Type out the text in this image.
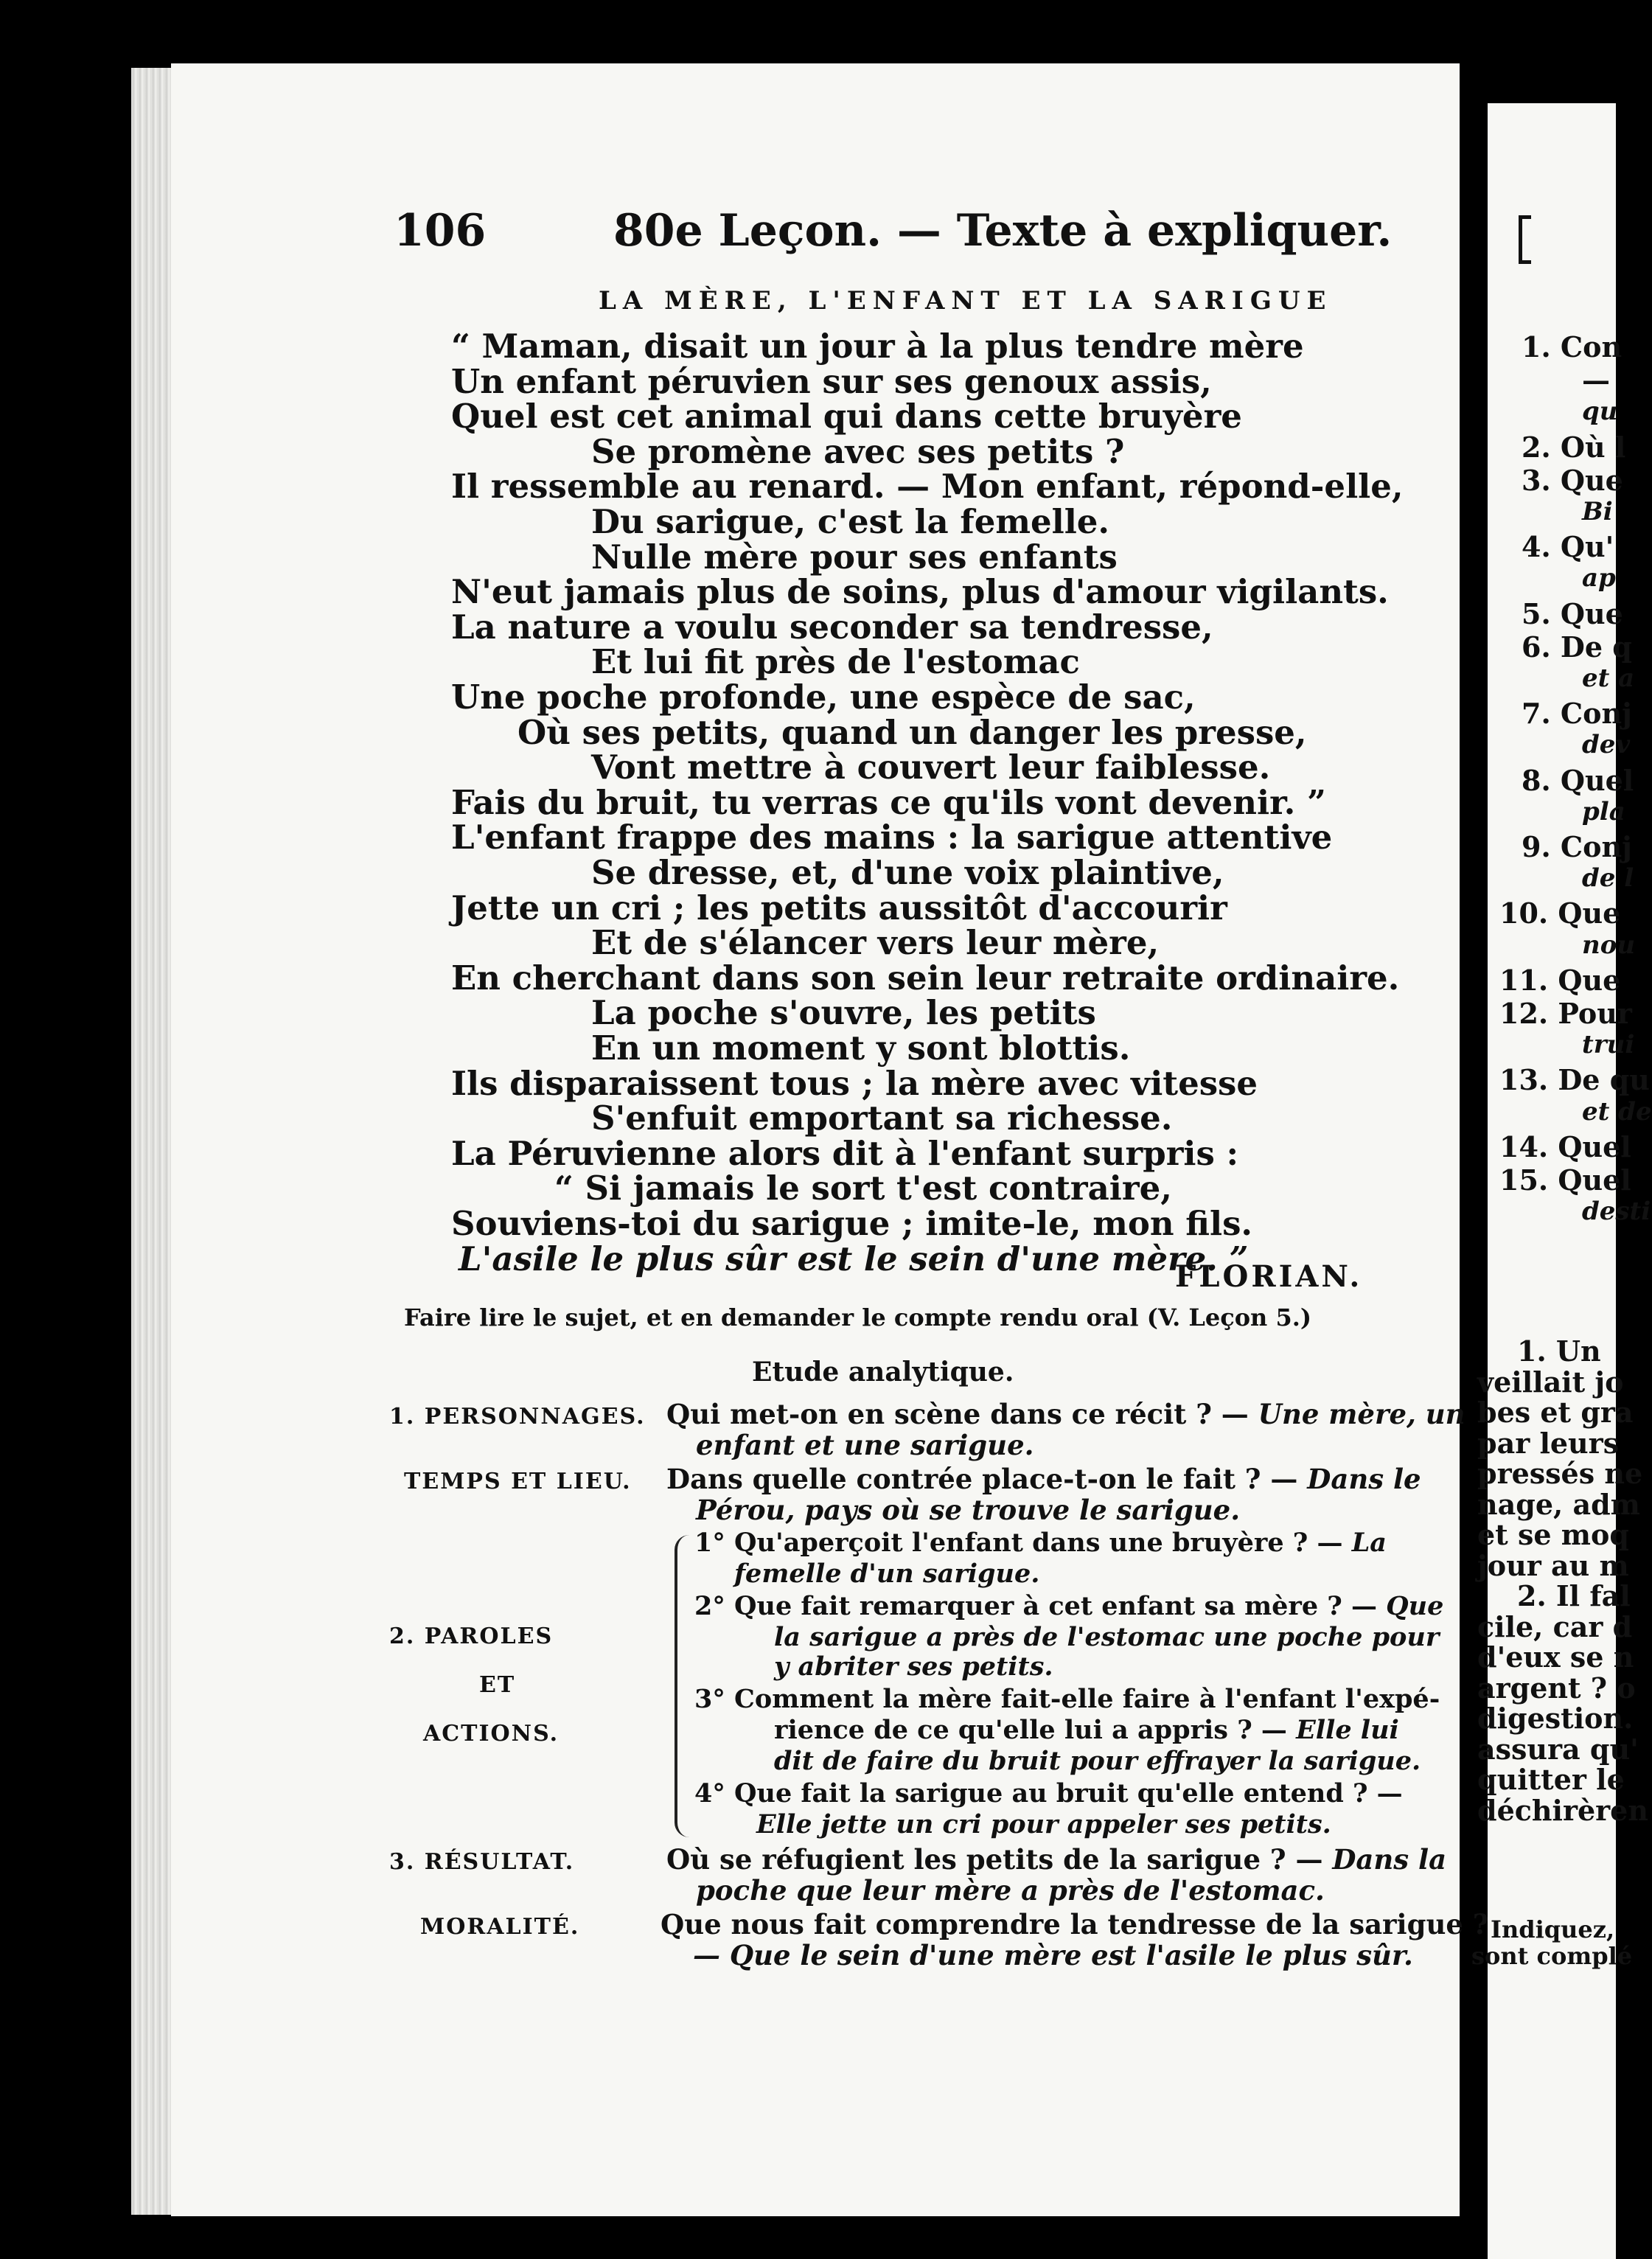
106	80e Leçon. — Texte à expliquer.
LA MÈRE, L'ENFANT ET LA SARIGUE
“ Maman, disait un jour à la plus tendre mère
Un enfant péruvien sur ses genoux assis,
Quel est cet animal qui dans cette bruyère
Se promène avec ses petits ?
Il ressemble au renard. — Mon enfant, répond-elle,
Du sarigue, c'est la femelle.
Nulle mère pour ses enfants
N'eut jamais plus de soins, plus d'amour vigilants.
La nature a voulu seconder sa tendresse,
Et lui fit près de l'estomac
Une poche profonde, une espèce de sac,
Où ses petits, quand un danger les presse,
Vont mettre à couvert leur faiblesse.
Fais du bruit, tu verras ce qu'ils vont devenir. ”
L'enfant frappe des mains : la sarigue attentive
Se dresse, et, d'une voix plaintive,
Jette un cri ; les petits aussitôt d'accourir
Et de s'élancer vers leur mère,
En cherchant dans son sein leur retraite ordinaire.
La poche s'ouvre, les petits
En un moment y sont blottis.
Ils disparaissent tous ; la mère avec vitesse
S'enfuit emportant sa richesse.
La Péruvienne alors dit à l'enfant surpris :
“ Si jamais le sort t'est contraire,
Souviens-toi du sarigue ; imite-le, mon fils.
L'asile le plus sûr est le sein d'une mère. ”
FLORIAN.
Faire lire le sujet, et en demander le compte rendu oral (V. Leçon 5.)
Etude analytique.
1. PERSONNAGES. Qui met-on en scène dans ce récit ? — Une mère, un
enfant et une sarigue.
TEMPS ET LIEU. Dans quelle contrée place-t-on le fait ? — Dans le
Pérou, pays où se trouve le sarigue.
2. PAROLES
ET
ACTIONS.
1° Qu'aperçoit l'enfant dans une bruyère ? — La
femelle d'un sarigue.
2° Que fait remarquer à cet enfant sa mère ? — Que
la sarigue a près de l'estomac une poche pour
y abriter ses petits.
3° Comment la mère fait-elle faire à l'enfant l'expé-
rience de ce qu'elle lui a appris ? — Elle lui
dit de faire du bruit pour effrayer la sarigue.
4° Que fait la sarigue au bruit qu'elle entend ? —
Elle jette un cri pour appeler ses petits.
3. RÉSULTAT.	Où se réfugient les petits de la sarigue ? — Dans la
poche que leur mère a près de l'estomac.
MORALITÉ.	Que nous fait comprendre la tendresse de la sarigue ?
— Que le sein d'une mère est l'asile le plus sûr.
1. Con
—
qu
2. Où l
3. Que
Bi
4. Qu'
ap
5. Que
6. De q
et a
7. Conj
dev
8. Quel
pla
9. Conj
de l
10. Que
nou
11. Que
12. Pour
trui
13. De qu
et de
14. Quel
15. Quel
desti
1. Un
veillait jo
bes et gra
par leurs
pressés ne
nage, adm
et se moq
jour au m
2. Il fal
cile, car d
d'eux se n
argent ? o
digestion.
assura qu'
quitter le
déchirèren
Indiquez,
sont complé
